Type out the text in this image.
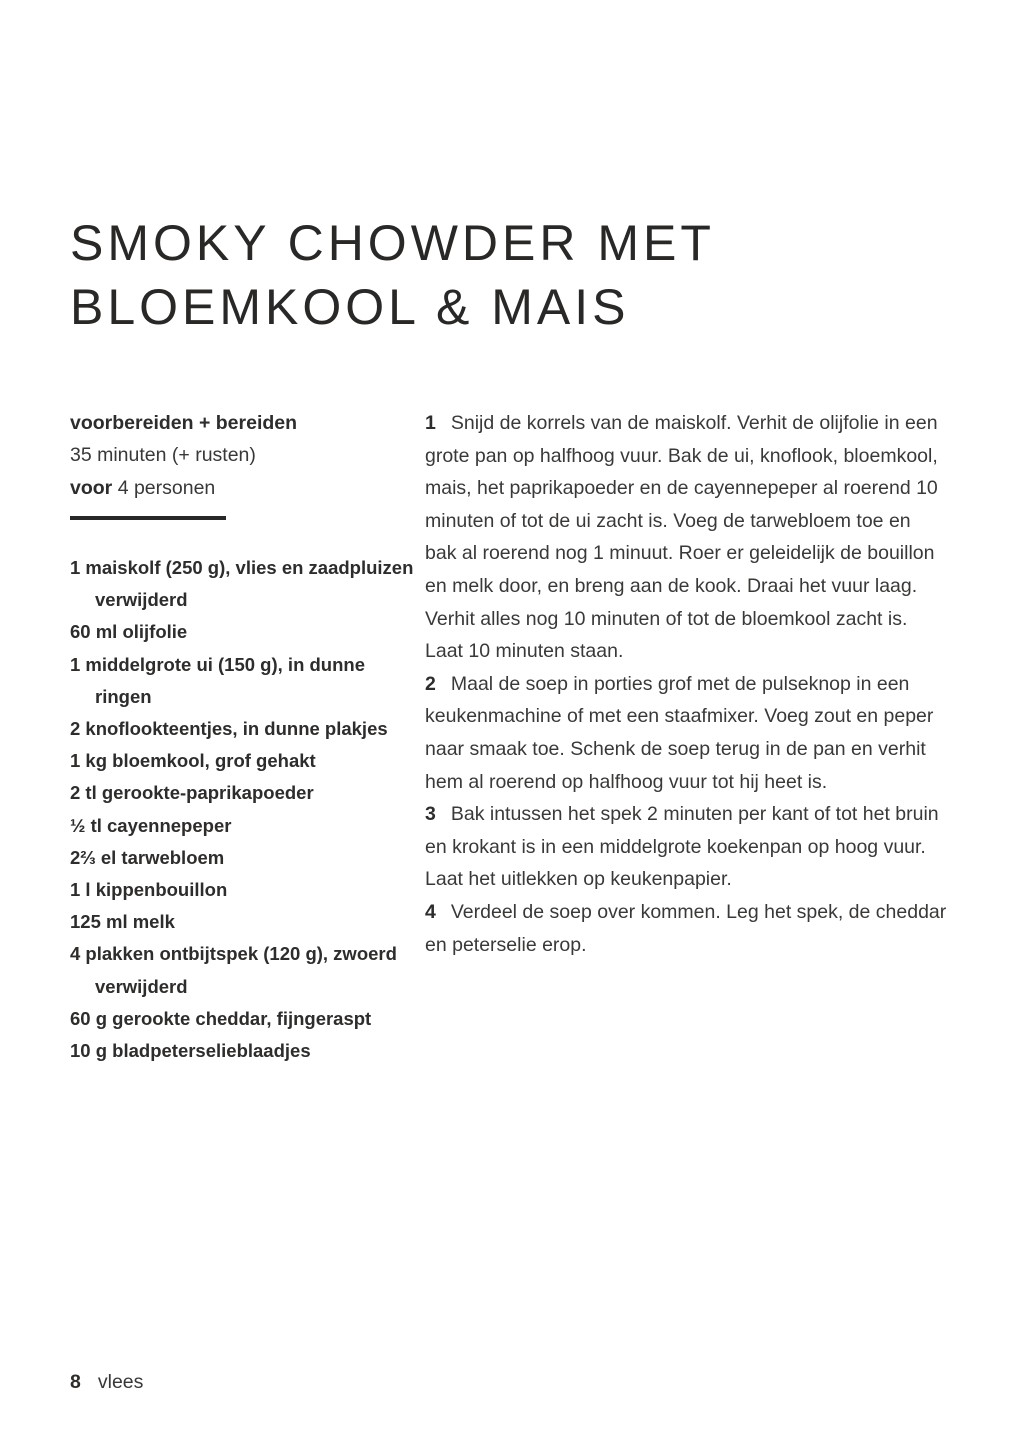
SMOKY CHOWDER MET
BLOEMKOOL & MAIS
voorbereiden + bereiden
35 minuten (+ rusten)
voor 4 personen
1 maiskolf (250 g), vlies en zaadpluizen verwijderd
60 ml olijfolie
1 middelgrote ui (150 g), in dunne ringen
2 knoflookteentjes, in dunne plakjes
1 kg bloemkool, grof gehakt
2 tl gerookte-paprikapoeder
½ tl cayennepeper
2⅔ el tarwebloem
1 l kippenbouillon
125 ml melk
4 plakken ontbijtspek (120 g), zwoerd verwijderd
60 g gerookte cheddar, fijngeraspt
10 g bladpeterselieblaadjes

1 Snijd de korrels van de maiskolf. Verhit de olijfolie in een grote pan op halfhoog vuur. Bak de ui, knoflook, bloemkool, mais, het paprikapoeder en de cayennepeper al roerend 10 minuten of tot de ui zacht is. Voeg de tarwebloem toe en bak al roerend nog 1 minuut. Roer er geleidelijk de bouillon en melk door, en breng aan de kook. Draai het vuur laag. Verhit alles nog 10 minuten of tot de bloemkool zacht is. Laat 10 minuten staan.

2 Maal de soep in porties grof met de pulseknop in een keukenmachine of met een staafmixer. Voeg zout en peper naar smaak toe. Schenk de soep terug in de pan en verhit hem al roerend op halfhoog vuur tot hij heet is.

3 Bak intussen het spek 2 minuten per kant of tot het bruin en krokant is in een middelgrote koekenpan op hoog vuur. Laat het uitlekken op keukenpapier.

4 Verdeel de soep over kommen. Leg het spek, de cheddar en peterselie erop.

8 vlees
